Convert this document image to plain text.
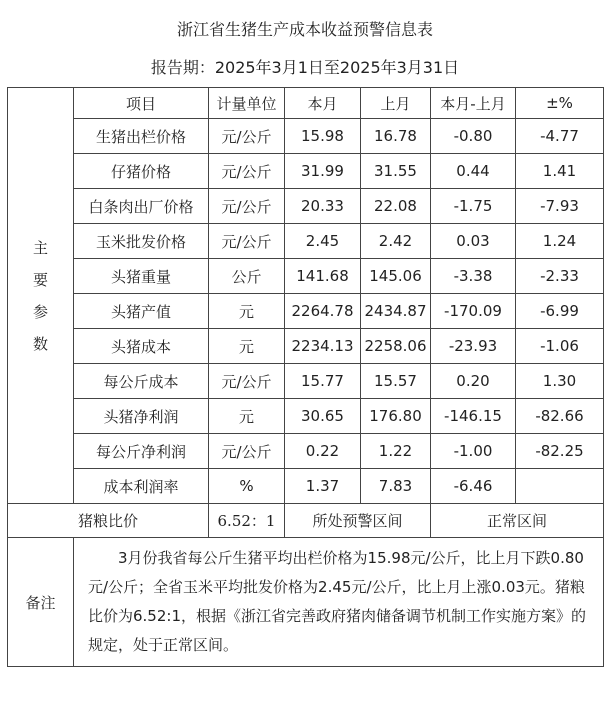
浙江省生猪生产成本收益预警信息表
报告期：2025年3月1日至2025年3月31日
主
要
参
数	项目	计量单位	本月	上月	本月-上月	±%
	生猪出栏价格	元/公斤	15.98	16.78	-0.80	-4.77
	仔猪价格	元/公斤	31.99	31.55	0.44	1.41
	白条肉出厂价格	元/公斤	20.33	22.08	-1.75	-7.93
	玉米批发价格	元/公斤	2.45	2.42	0.03	1.24
	头猪重量	公斤	141.68	145.06	-3.38	-2.33
	头猪产值	元	2264.78	2434.87	-170.09	-6.99
	头猪成本	元	2234.13	2258.06	-23.93	-1.06
	每公斤成本	元/公斤	15.77	15.57	0.20	1.30
	头猪净利润	元	30.65	176.80	-146.15	-82.66
	每公斤净利润	元/公斤	0.22	1.22	-1.00	-82.25
	成本利润率	%	1.37	7.83	-6.46	
猪粮比价		6.52：1	所处预警区间		正常区间	
备注	3月份我省每公斤生猪平均出栏价格为15.98元/公斤，比上月下跌0.80元/公斤；全省玉米平均批发价格为2.45元/公斤，比上月上涨0.03元。猪粮比价为6.52:1，根据《浙江省完善政府猪肉储备调节机制工作实施方案》的规定，处于正常区间。					
